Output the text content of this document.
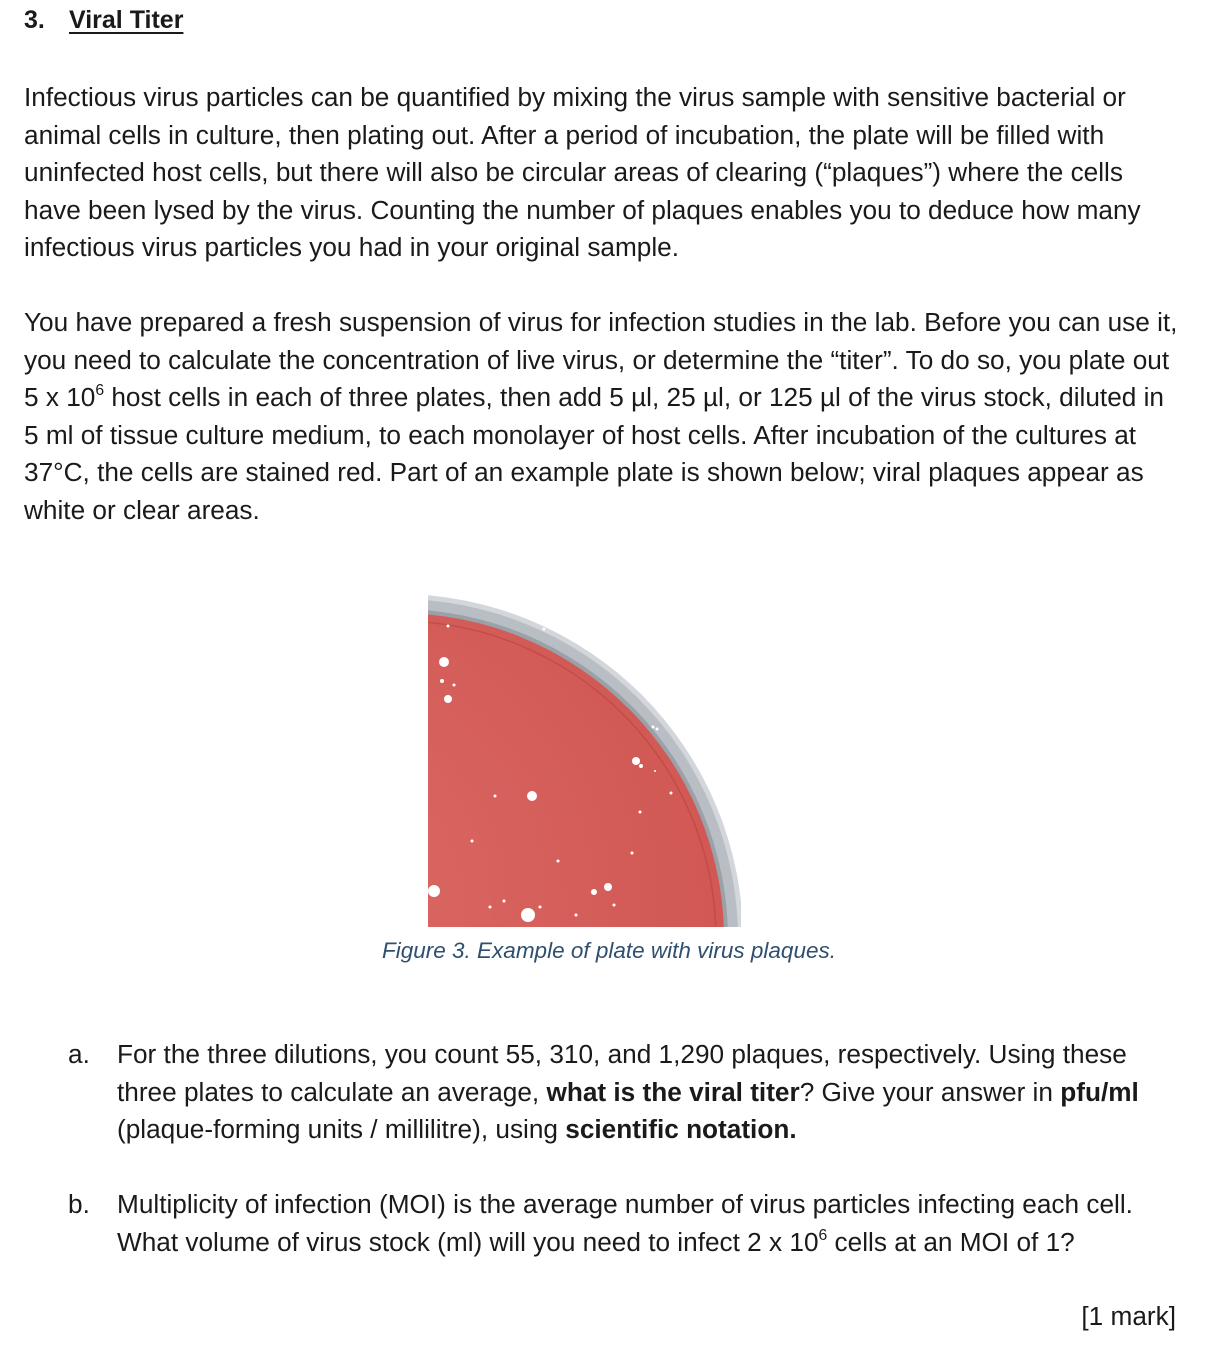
3. Viral Titer

Infectious virus particles can be quantified by mixing the virus sample with sensitive bacterial or animal cells in culture, then plating out. After a period of incubation, the plate will be filled with uninfected host cells, but there will also be circular areas of clearing (“plaques”) where the cells have been lysed by the virus. Counting the number of plaques enables you to deduce how many infectious virus particles you had in your original sample.

You have prepared a fresh suspension of virus for infection studies in the lab. Before you can use it, you need to calculate the concentration of live virus, or determine the “titer”. To do so, you plate out 5 x $10^6$ host cells in each of three plates, then add 5 µl, 25 µl, or 125 µl of the virus stock, diluted in 5 ml of tissue culture medium, to each monolayer of host cells. After incubation of the cultures at 37°C, the cells are stained red. Part of an example plate is shown below; viral plaques appear as white or clear areas.

Figure 3. Example of plate with virus plaques.

a. For the three dilutions, you count 55, 310, and 1,290 plaques, respectively. Using these three plates to calculate an average, what is the viral titer? Give your answer in pfu/ml (plaque-forming units / millilitre), using scientific notation.
b. Multiplicity of infection (MOI) is the average number of virus particles infecting each cell. What volume of virus stock (ml) will you need to infect 2 x $10^6$ cells at an MOI of 1?
[1 mark]
